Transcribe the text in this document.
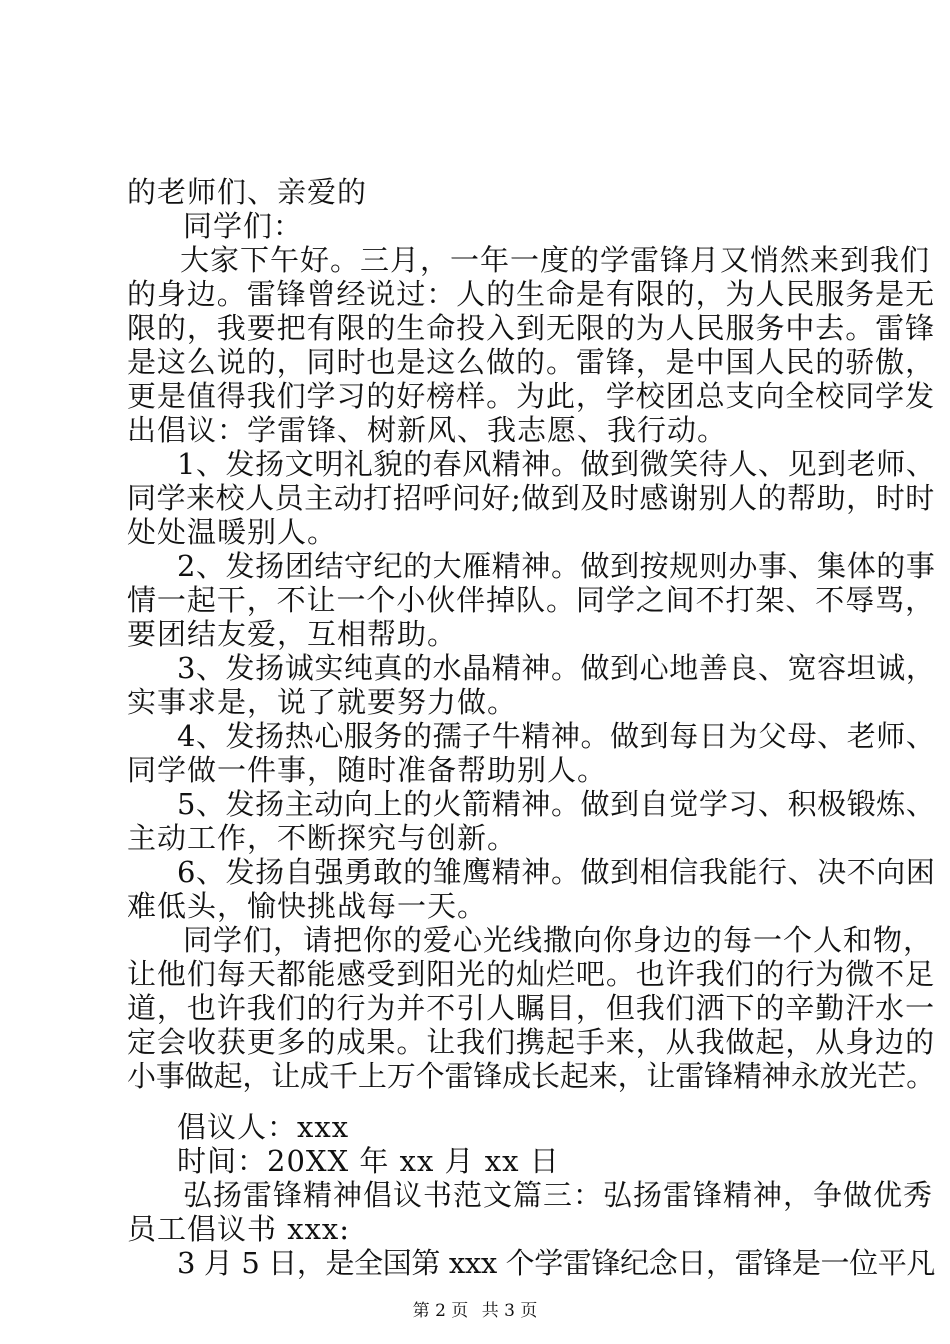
的老师们、亲爱的
同学们：
大家下午好。三月，一年一度的学雷锋月又悄然来到我们
的身边。雷锋曾经说过：人的生命是有限的，为人民服务是无
限的，我要把有限的生命投入到无限的为人民服务中去。雷锋
是这么说的，同时也是这么做的。雷锋，是中国人民的骄傲，
更是值得我们学习的好榜样。为此，学校团总支向全校同学发
出倡议：学雷锋、树新风、我志愿、我行动。
1、发扬文明礼貌的春风精神。做到微笑待人、见到老师、
同学来校人员主动打招呼问好;做到及时感谢别人的帮助，时时
处处温暖别人。
2、发扬团结守纪的大雁精神。做到按规则办事、集体的事
情一起干，不让一个小伙伴掉队。同学之间不打架、不辱骂，
要团结友爱，互相帮助。
3、发扬诚实纯真的水晶精神。做到心地善良、宽容坦诚，
实事求是，说了就要努力做。
4、发扬热心服务的孺子牛精神。做到每日为父母、老师、
同学做一件事，随时准备帮助别人。
5、发扬主动向上的火箭精神。做到自觉学习、积极锻炼、
主动工作，不断探究与创新。
6、发扬自强勇敢的雏鹰精神。做到相信我能行、决不向困
难低头，愉快挑战每一天。
同学们，请把你的爱心光线撒向你身边的每一个人和物，
让他们每天都能感受到阳光的灿烂吧。也许我们的行为微不足
道，也许我们的行为并不引人瞩目，但我们洒下的辛勤汗水一
定会收获更多的成果。让我们携起手来，从我做起，从身边的
小事做起，让成千上万个雷锋成长起来，让雷锋精神永放光芒。
倡议人：xxx
时间：20XX 年 xx 月 xx 日
弘扬雷锋精神倡议书范文篇三：弘扬雷锋精神，争做优秀
员工倡议书 xxx:
3 月 5 日，是全国第 xxx 个学雷锋纪念日，雷锋是一位平凡
第 2 页 共 3 页
